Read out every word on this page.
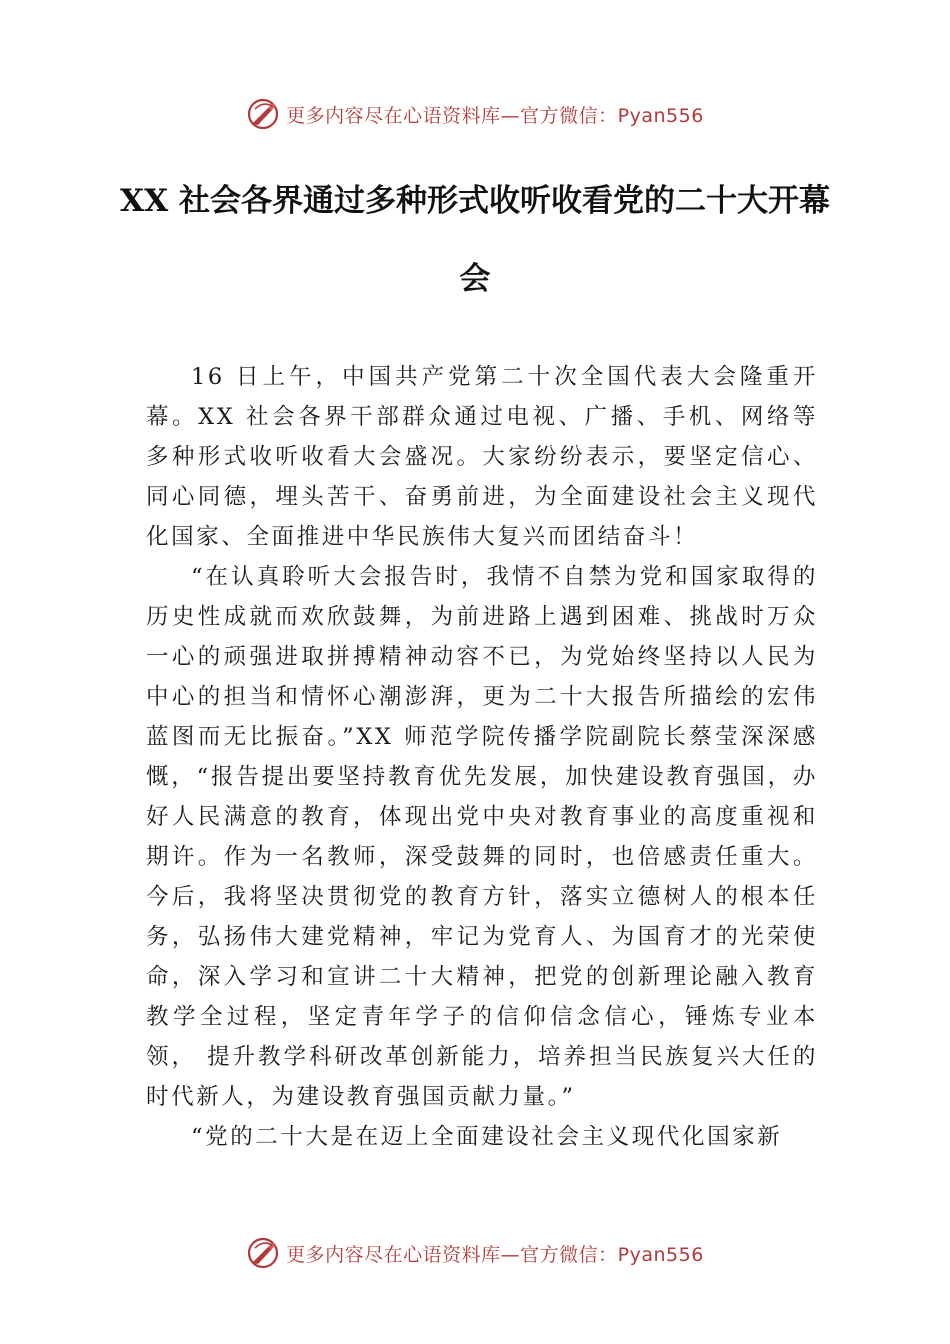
更多内容尽在心语资料库—官方微信：Pyan556
XX 社会各界通过多种形式收听收看党的二十大开幕会

16 日上午，中国共产党第二十次全国代表大会隆重开幕。XX 社会各界干部群众通过电视、广播、手机、网络等多种形式收听收看大会盛况。大家纷纷表示，要坚定信心、同心同德，埋头苦干、奋勇前进，为全面建设社会主义现代化国家、全面推进中华民族伟大复兴而团结奋斗！

“在认真聆听大会报告时，我情不自禁为党和国家取得的历史性成就而欢欣鼓舞，为前进路上遇到困难、挑战时万众一心的顽强进取拼搏精神动容不已，为党始终坚持以人民为中心的担当和情怀心潮澎湃，更为二十大报告所描绘的宏伟蓝图而无比振奋。”XX 师范学院传播学院副院长蔡莹深深感慨，“报告提出要坚持教育优先发展，加快建设教育强国，办好人民满意的教育，体现出党中央对教育事业的高度重视和期许。作为一名教师，深受鼓舞的同时，也倍感责任重大。 今后，我将坚决贯彻党的教育方针，落实立德树人的根本任务，弘扬伟大建党精神，牢记为党育人、为国育才的光荣使命，深入学习和宣讲二十大精神，把党的创新理论融入教育教学全过程，坚定青年学子的信仰信念信心，锤炼专业本领， 提升教学科研改革创新能力，培养担当民族复兴大任的时代新人，为建设教育强国贡献力量。”

“党的二十大是在迈上全面建设社会主义现代化国家新

更多内容尽在心语资料库—官方微信：Pyan556
